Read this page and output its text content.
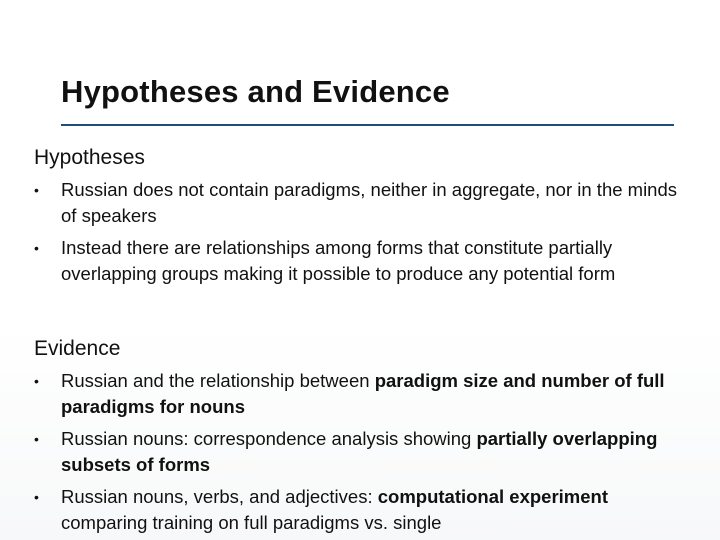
Hypotheses and Evidence
Hypotheses
•	Russian does not contain paradigms, neither in aggregate, nor in the minds of speakers
•	Instead there are relationships among forms that constitute partially overlapping groups making it possible to produce any potential form
Evidence
•	Russian and the relationship between paradigm size and number of full paradigms for nouns
•	Russian nouns: correspondence analysis showing partially overlapping subsets of forms
•	Russian nouns, verbs, and adjectives: computational experiment comparing training on full paradigms vs. single
